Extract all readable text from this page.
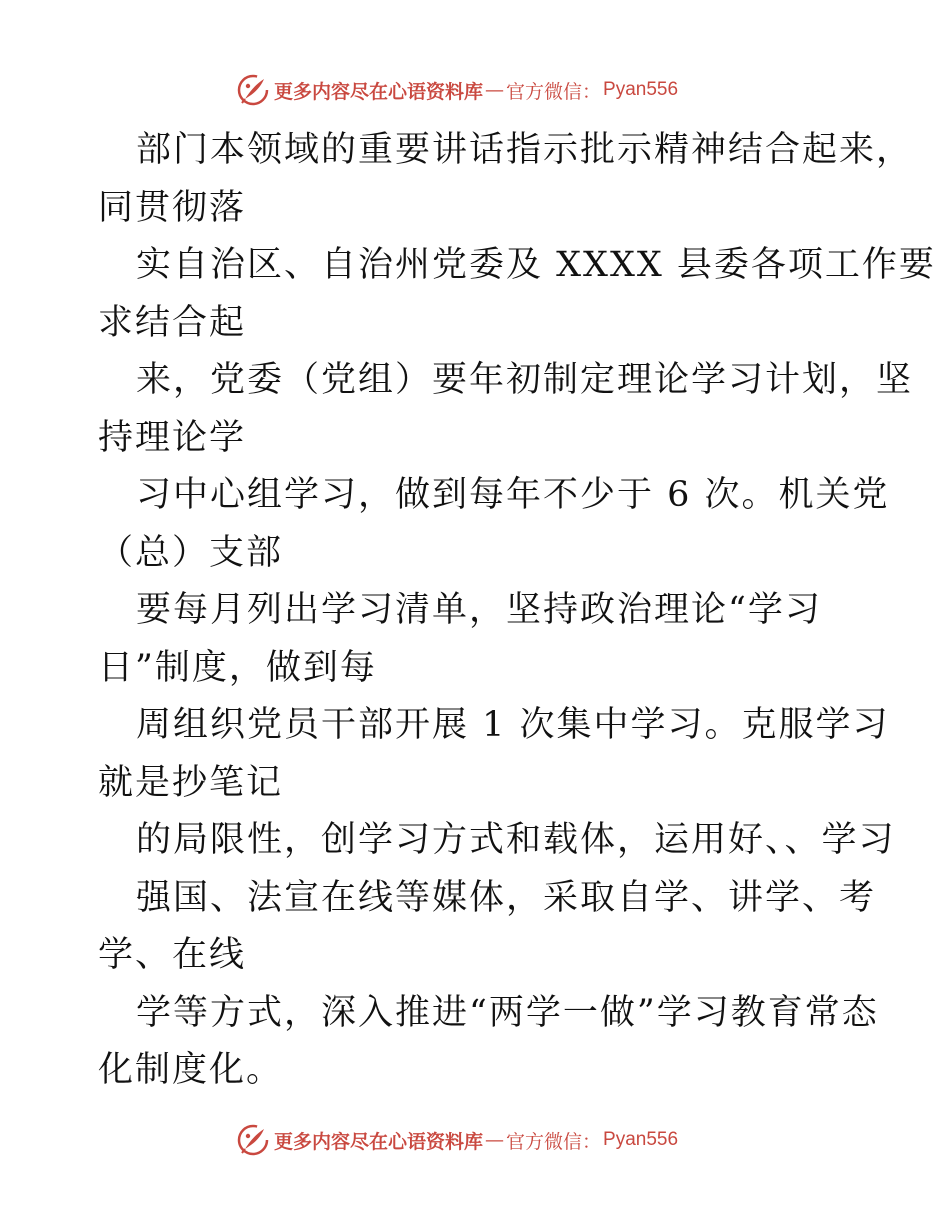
更多内容尽在心语资料库 — 官方微信： Pyan556
部门本领域的重要讲话指示批示精神结合起来，
同贯彻落
实自治区、自治州党委及 XXXX 县委各项工作要
求结合起
来，党委（党组）要年初制定理论学习计划，坚
持理论学
习中心组学习，做到每年不少于 6 次。机关党
（总）支部
要每月列出学习清单，坚持政治理论“学习
日”制度，做到每
周组织党员干部开展 1 次集中学习。克服学习
就是抄笔记
的局限性，创学习方式和载体，运用好、、学习
强国、法宣在线等媒体，采取自学、讲学、考
学、在线
学等方式，深入推进“两学一做”学习教育常态
化制度化。
更多内容尽在心语资料库 — 官方微信： Pyan556
